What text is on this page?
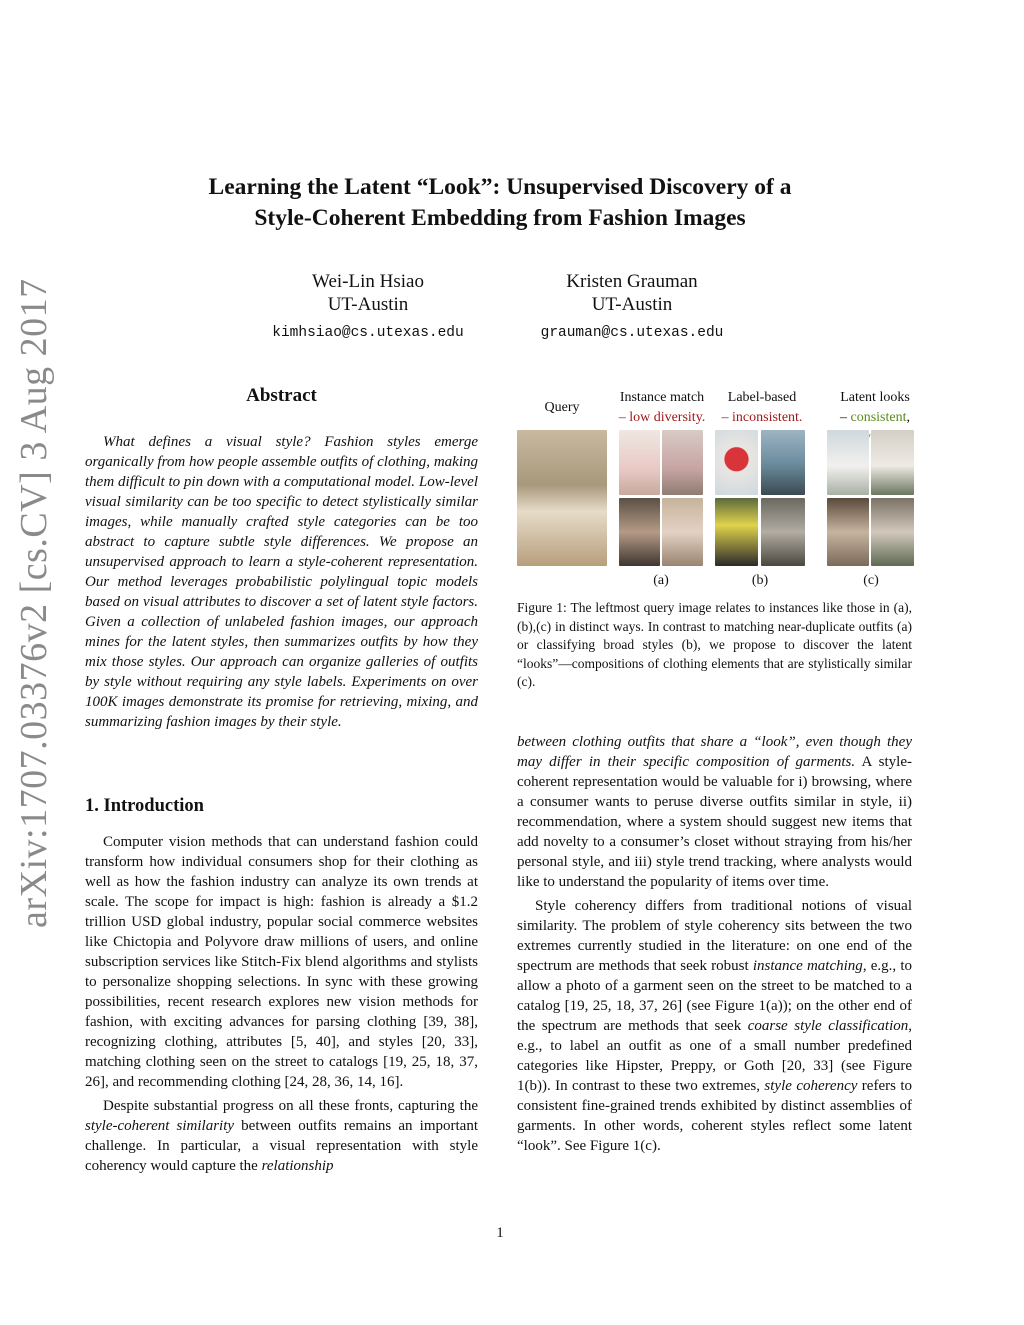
arXiv:1707.03376v2 [cs.CV] 3 Aug 2017
Learning the Latent “Look”: Unsupervised Discovery of a
Style-Coherent Embedding from Fashion Images
Wei-Lin Hsiao
UT-Austin
kimhsiao@cs.utexas.edu
Kristen Grauman
UT-Austin
grauman@cs.utexas.edu
Abstract

What defines a visual style? Fashion styles emerge organically from how people assemble outfits of clothing, making them difficult to pin down with a computational model. Low-level visual similarity can be too specific to detect stylistically similar images, while manually crafted style categories can be too abstract to capture subtle style differences. We propose an unsupervised approach to learn a style-coherent representation. Our method leverages probabilistic polylingual topic models based on visual attributes to discover a set of latent style factors. Given a collection of unlabeled fashion images, our approach mines for the latent styles, then summarizes outfits by how they mix those styles. Our approach can organize galleries of outfits by style without requiring any style labels. Experiments on over 100K images demonstrate its promise for retrieving, mixing, and summarizing fashion images by their style.

1. Introduction

Computer vision methods that can understand fashion could transform how individual consumers shop for their clothing as well as how the fashion industry can analyze its own trends at scale. The scope for impact is high: fashion is already a $1.2 trillion USD global industry, popular social commerce websites like Chictopia and Polyvore draw millions of users, and online subscription services like Stitch-Fix blend algorithms and stylists to personalize shopping selections. In sync with these growing possibilities, recent research explores new vision methods for fashion, with exciting advances for parsing clothing [39, 38], recognizing clothing, attributes [5, 40], and styles [20, 33], matching clothing seen on the street to catalogs [19, 25, 18, 37, 26], and recommending clothing [24, 28, 36, 14, 16].

Despite substantial progress on all these fronts, capturing the style-coherent similarity between outfits remains an important challenge. In particular, a visual representation with style coherency would capture the relationship

Query
Instance match
– low diversity.
Label-based
– inconsistent.
Latent looks
– consistent,
(a)	(b)	(c)

Figure 1: The leftmost query image relates to instances like those in (a),(b),(c) in distinct ways. In contrast to matching near-duplicate outfits (a) or classifying broad styles (b), we propose to discover the latent “looks”—compositions of clothing elements that are stylistically similar (c).

between clothing outfits that share a “look”, even though they may differ in their specific composition of garments. A style-coherent representation would be valuable for i) browsing, where a consumer wants to peruse diverse outfits similar in style, ii) recommendation, where a system should suggest new items that add novelty to a consumer’s closet without straying from his/her personal style, and iii) style trend tracking, where analysts would like to understand the popularity of items over time.

Style coherency differs from traditional notions of visual similarity. The problem of style coherency sits between the two extremes currently studied in the literature: on one end of the spectrum are methods that seek robust instance matching, e.g., to allow a photo of a garment seen on the street to be matched to a catalog [19, 25, 18, 37, 26] (see Figure 1(a)); on the other end of the spectrum are methods that seek coarse style classification, e.g., to label an outfit as one of a small number predefined categories like Hipster, Preppy, or Goth [20, 33] (see Figure 1(b)). In contrast to these two extremes, style coherency refers to consistent fine-grained trends exhibited by distinct assemblies of garments. In other words, coherent styles reflect some latent “look”. See Figure 1(c).

1
